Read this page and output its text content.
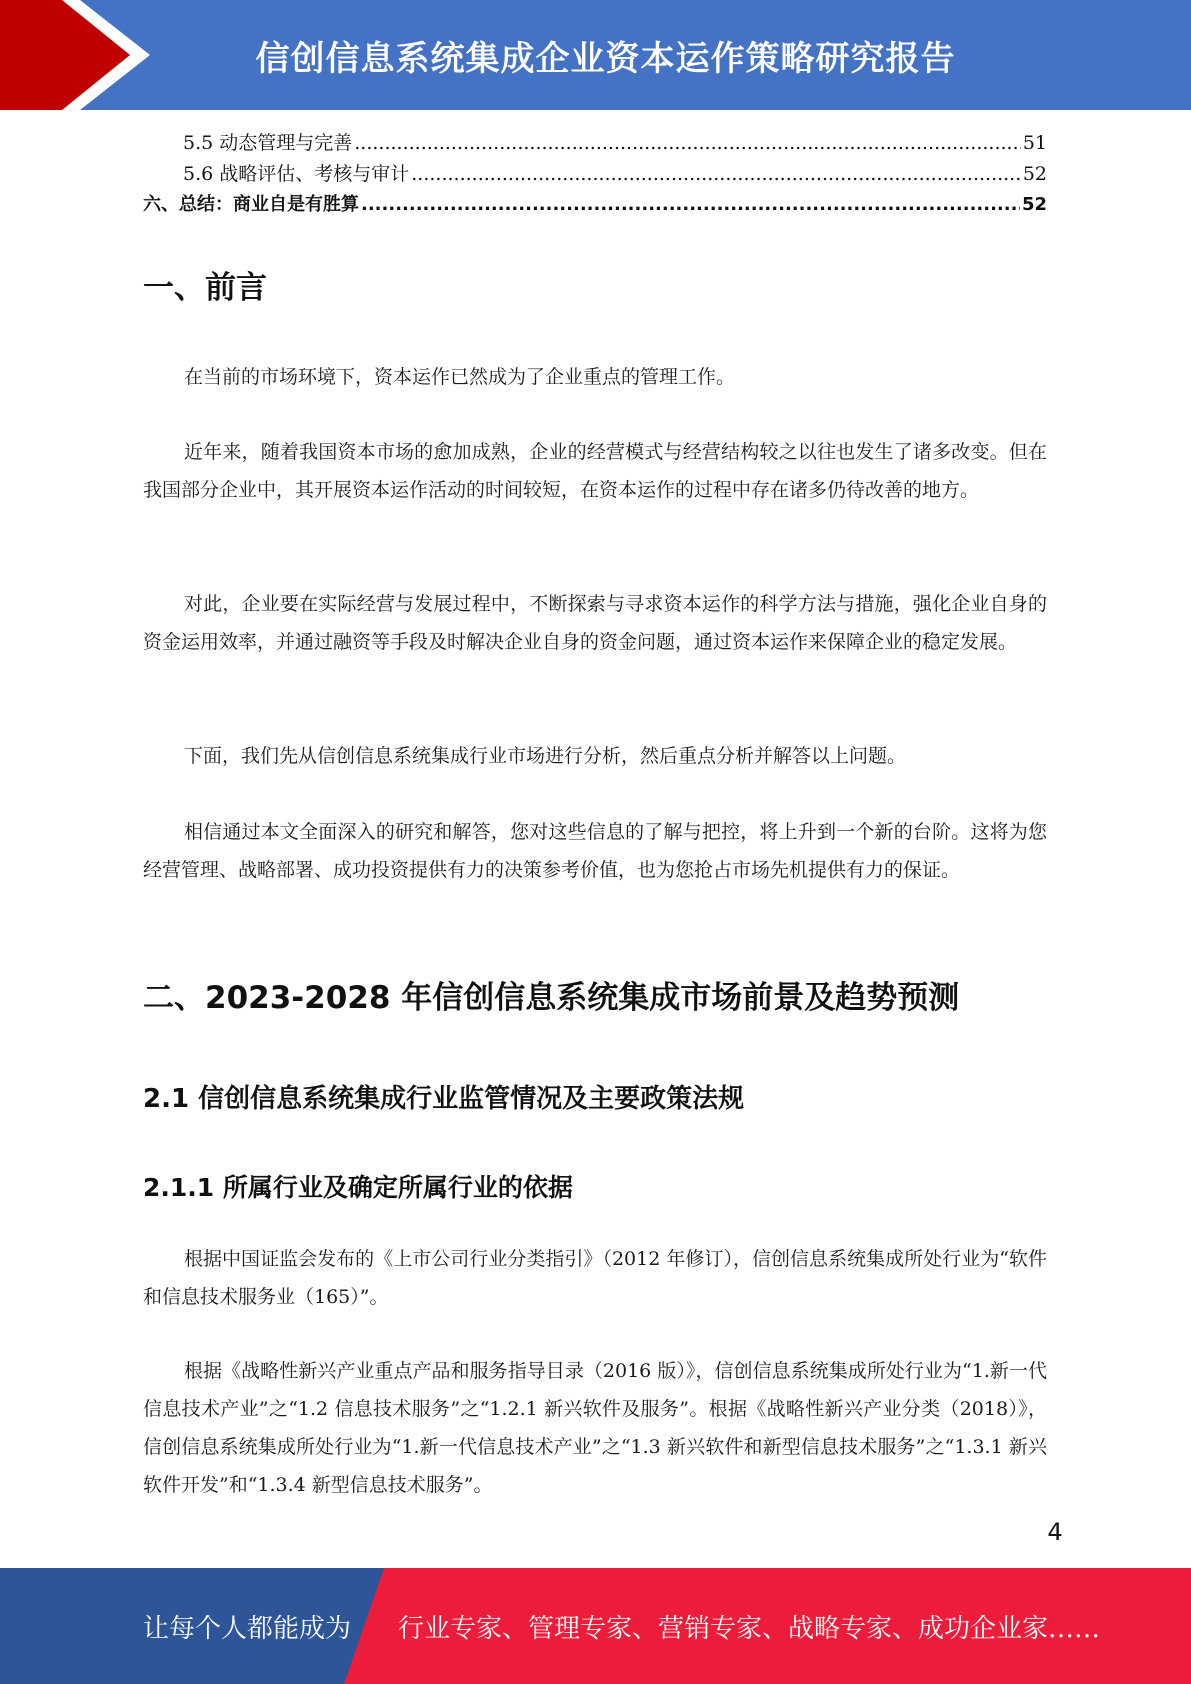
信创信息系统集成企业资本运作策略研究报告
5.5 动态管理与完善 .....	51
5.6 战略评估、考核与审计 .....	52
六、总结：商业自是有胜算 .....	52
一、前言

在当前的市场环境下，资本运作已然成为了企业重点的管理工作。

近年来，随着我国资本市场的愈加成熟，企业的经营模式与经营结构较之以往也发生了诸多改变。但在我国部分企业中，其开展资本运作活动的时间较短，在资本运作的过程中存在诸多仍待改善的地方。

对此，企业要在实际经营与发展过程中，不断探索与寻求资本运作的科学方法与措施，强化企业自身的资金运用效率，并通过融资等手段及时解决企业自身的资金问题，通过资本运作来保障企业的稳定发展。

下面，我们先从信创信息系统集成行业市场进行分析，然后重点分析并解答以上问题。

相信通过本文全面深入的研究和解答，您对这些信息的了解与把控，将上升到一个新的台阶。这将为您经营管理、战略部署、成功投资提供有力的决策参考价值，也为您抢占市场先机提供有力的保证。

二、2023-2028 年信创信息系统集成市场前景及趋势预测
2.1 信创信息系统集成行业监管情况及主要政策法规
2.1.1 所属行业及确定所属行业的依据

根据中国证监会发布的《上市公司行业分类指引》（2012 年修订），信创信息系统集成所处行业为“软件和信息技术服务业（165）”。

根据《战略性新兴产业重点产品和服务指导目录（2016 版）》，信创信息系统集成所处行业为“1.新一代信息技术产业”之“1.2 信息技术服务”之“1.2.1 新兴软件及服务”。根据《战略性新兴产业分类（2018）》，信创信息系统集成所处行业为“1.新一代信息技术产业”之“1.3 新兴软件和新型信息技术服务”之“1.3.1 新兴软件开发”和“1.3.4 新型信息技术服务”。

4
让每个人都能成为 行业专家、管理专家、营销专家、战略专家、成功企业家……
